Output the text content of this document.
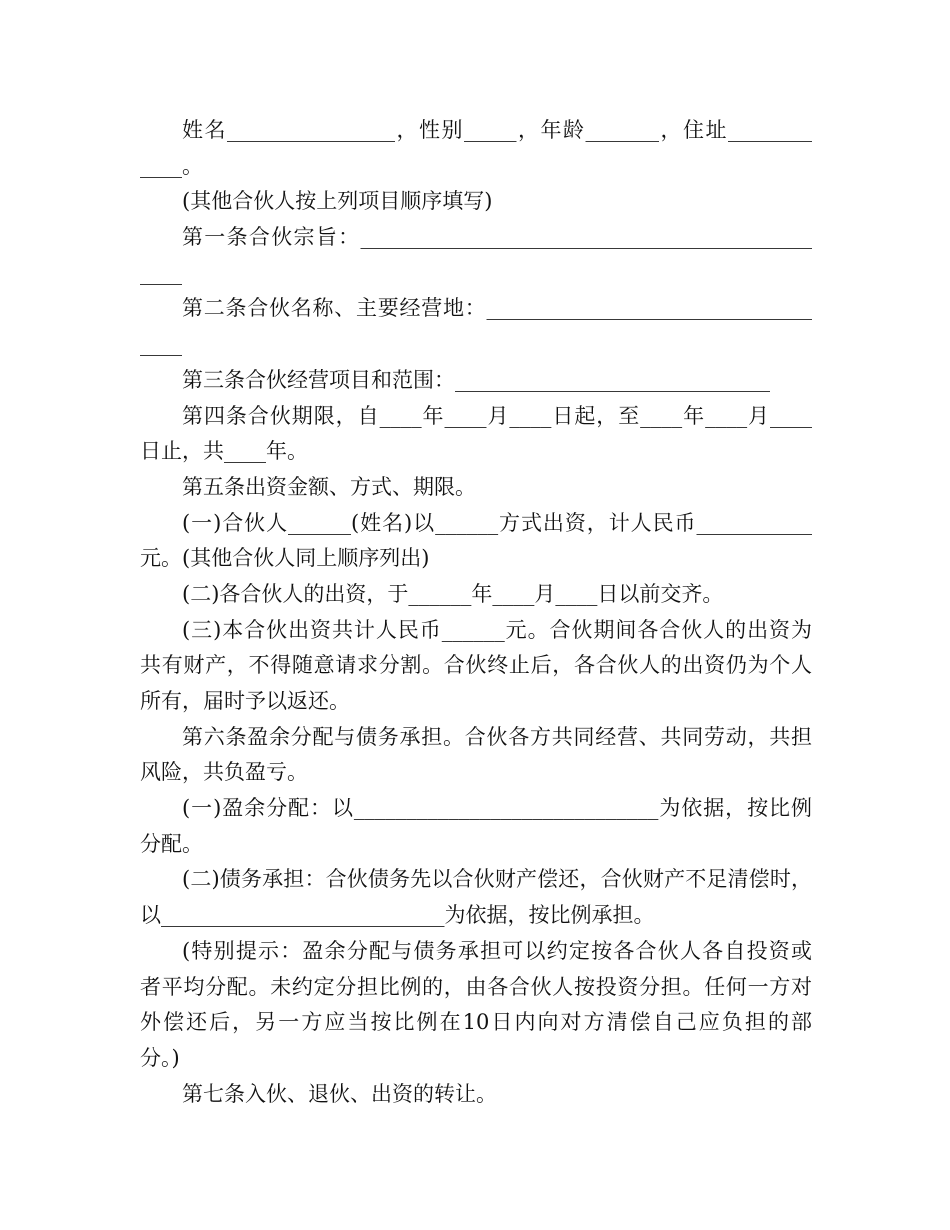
姓名________________，性别_____，年龄_______，住址________
____。
(其他合伙人按上列项目顺序填写)
第一条合伙宗旨：___________________________________________
____
第二条合伙名称、主要经营地：_______________________________
____
第三条合伙经营项目和范围：______________________________
第四条合伙期限，自____年____月____日起，至____年____月____
日止，共____年。
第五条出资金额、方式、期限。
(一)合伙人______(姓名)以______方式出资，计人民币___________
元。(其他合伙人同上顺序列出)
(二)各合伙人的出资，于______年____月____日以前交齐。
(三)本合伙出资共计人民币______元。合伙期间各合伙人的出资为
共有财产，不得随意请求分割。合伙终止后，各合伙人的出资仍为个人
所有，届时予以返还。
第六条盈余分配与债务承担。合伙各方共同经营、共同劳动，共担
风险，共负盈亏。
(一)盈余分配：以_____________________________为依据，按比例
分配。
(二)债务承担：合伙债务先以合伙财产偿还，合伙财产不足清偿时，
以___________________________为依据，按比例承担。
(特别提示：盈余分配与债务承担可以约定按各合伙人各自投资或
者平均分配。未约定分担比例的，由各合伙人按投资分担。任何一方对
外偿还后，另一方应当按比例在10日内向对方清偿自己应负担的部
分。)
第七条入伙、退伙、出资的转让。
